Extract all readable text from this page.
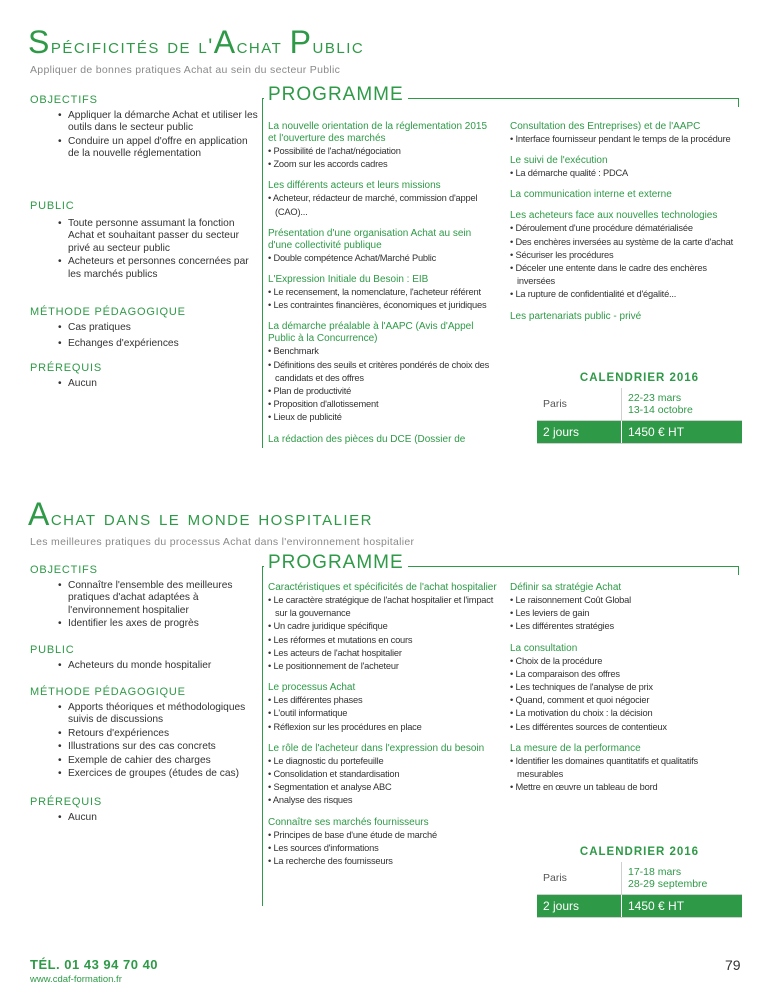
Spécificités de l'Achat Public
Appliquer de bonnes pratiques Achat au sein du secteur Public
OBJECTIFS
• Appliquer la démarche Achat et utiliser les outils dans le secteur public
• Conduire un appel d'offre en application de la nouvelle réglementation
PUBLIC
• Toute personne assumant la fonction Achat et souhaitant passer du secteur privé au secteur public
• Acheteurs et personnes concernées par les marchés publics
MÉTHODE PÉDAGOGIQUE
• Cas pratiques
• Echanges d'expériences
PRÉREQUIS
• Aucun
PROGRAMME
La nouvelle orientation de la réglementation 2015 et l'ouverture des marchés
• Possibilité de l'achat/négociation
• Zoom sur les accords cadres
Les différents acteurs et leurs missions
• Acheteur, rédacteur de marché, commission d'appel (CAO)...
Présentation d'une organisation Achat au sein d'une collectivité publique
• Double compétence Achat/Marché Public
L'Expression Initiale du Besoin : EIB
• Le recensement, la nomenclature, l'acheteur référent
• Les contraintes financières, économiques et juridiques
La démarche préalable à l'AAPC (Avis d'Appel Public à la Concurrence)
• Benchmark
• Définitions des seuils et critères pondérés de choix des candidats et des offres
• Plan de productivité
• Proposition d'allotissement
• Lieux de publicité
La rédaction des pièces du DCE (Dossier de
Consultation des Entreprises) et de l'AAPC
• Interface fournisseur pendant le temps de la procédure
Le suivi de l'exécution
• La démarche qualité : PDCA
La communication interne et externe
Les acheteurs face aux nouvelles technologies
• Déroulement d'une procédure dématérialisée
• Des enchères inversées au système de la carte d'achat
• Sécuriser les procédures
• Déceler une entente dans le cadre des enchères inversées
• La rupture de confidentialité et d'égalité...
Les partenariats public - privé
CALENDRIER 2016	
Paris	22-23 mars
13-14 octobre

2 jours	1450 € HT
Achat dans le monde hospitalier
Les meilleures pratiques du processus Achat dans l'environnement hospitalier
OBJECTIFS
• Connaître l'ensemble des meilleures pratiques d'achat adaptées à l'environnement hospitalier
• Identifier les axes de progrès
PUBLIC
• Acheteurs du monde hospitalier
MÉTHODE PÉDAGOGIQUE
• Apports théoriques et méthodologiques suivis de discussions
• Retours d'expériences
• Illustrations sur des cas concrets
• Exemple de cahier des charges
• Exercices de groupes (études de cas)
PRÉREQUIS
• Aucun
PROGRAMME
Caractéristiques et spécificités de l'achat hospitalier
• Le caractère stratégique de l'achat hospitalier et l'impact sur la gouvernance
• Un cadre juridique spécifique
• Les réformes et mutations en cours
• Les acteurs de l'achat hospitalier
• Le positionnement de l'acheteur
Le processus Achat
• Les différentes phases
• L'outil informatique
• Réflexion sur les procédures en place
Le rôle de l'acheteur dans l'expression du besoin
• Le diagnostic du portefeuille
• Consolidation et standardisation
• Segmentation et analyse ABC
• Analyse des risques
Connaître ses marchés fournisseurs
• Principes de base d'une étude de marché
• Les sources d'informations
• La recherche des fournisseurs
Définir sa stratégie Achat
• Le raisonnement Coût Global
• Les leviers de gain
• Les différentes stratégies
La consultation
• Choix de la procédure
• La comparaison des offres
• Les techniques de l'analyse de prix
• Quand, comment et quoi négocier
• La motivation du choix : la décision
• Les différentes sources de contentieux
La mesure de la performance
• Identifier les domaines quantitatifs et qualitatifs mesurables
• Mettre en œuvre un tableau de bord
CALENDRIER 2016	
Paris	17-18 mars
28-29 septembre

2 jours	1450 € HT
TÉL. 01 43 94 70 40
www.cdaf-formation.fr
79
